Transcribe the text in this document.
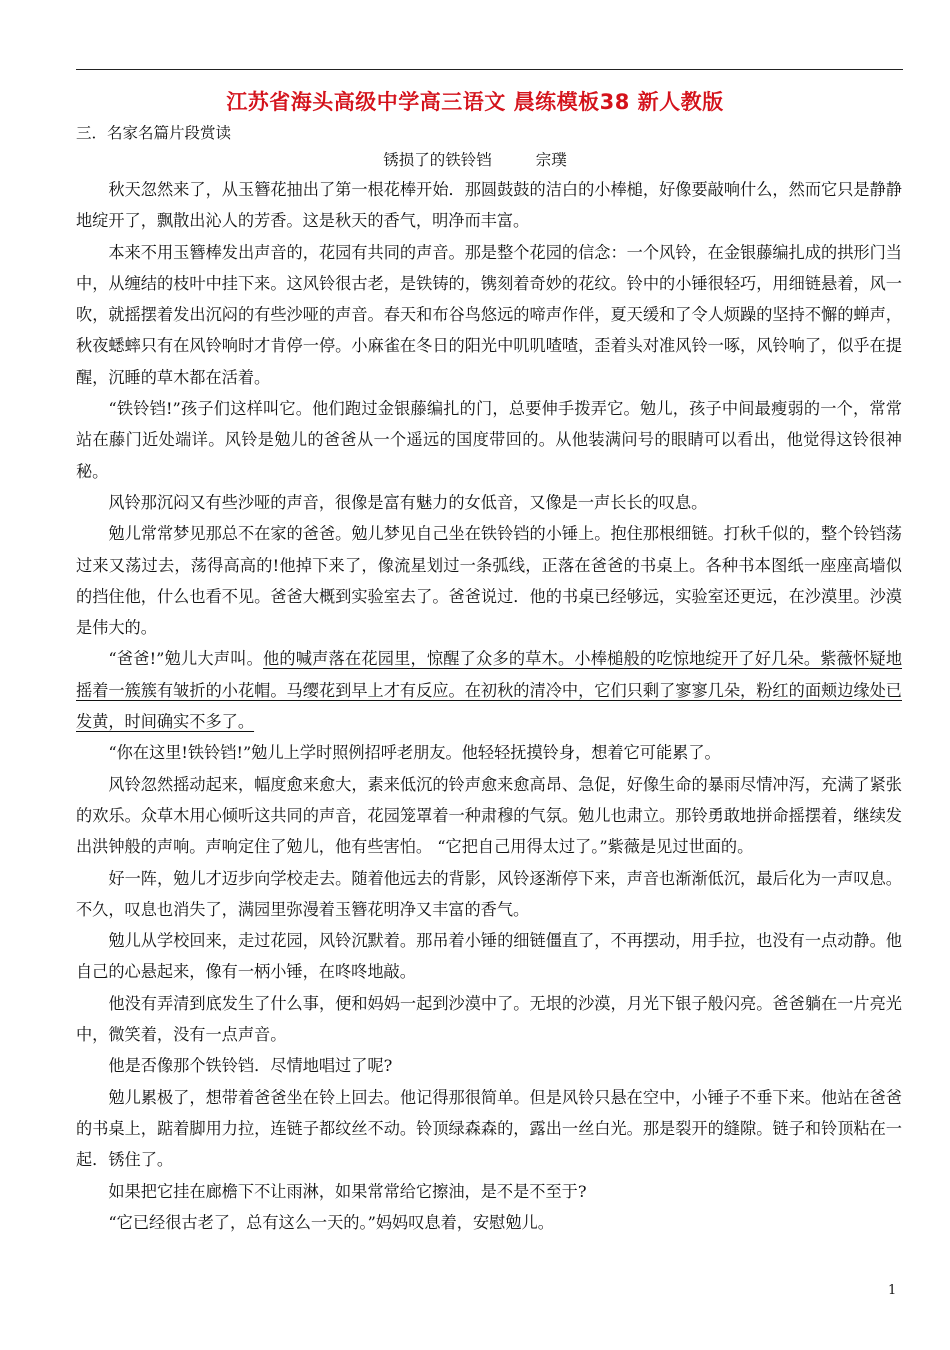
江苏省海头高级中学高三语文 晨练模板38 新人教版
三．名家名篇片段赏读
锈损了的铁铃铛	宗璞

秋天忽然来了，从玉簪花抽出了第一根花棒开始．那圆鼓鼓的洁白的小棒槌，好像要敲响什么，然而它只是静静地绽开了，飘散出沁人的芳香。这是秋天的香气，明净而丰富。

本来不用玉簪棒发出声音的，花园有共同的声音。那是整个花园的信念：一个风铃，在金银藤编扎成的拱形门当中，从缠结的枝叶中挂下来。这风铃很古老，是铁铸的，镌刻着奇妙的花纹。铃中的小锤很轻巧，用细链悬着，风一吹，就摇摆着发出沉闷的有些沙哑的声音。春天和布谷鸟悠远的啼声作伴，夏天缓和了令人烦躁的坚持不懈的蝉声，秋夜蟋蟀只有在风铃响时才肯停一停。小麻雀在冬日的阳光中叽叽喳喳，歪着头对准风铃一啄，风铃响了，似乎在提醒，沉睡的草木都在活着。

“铁铃铛!”孩子们这样叫它。他们跑过金银藤编扎的门，总要伸手拨弄它。勉儿，孩子中间最瘦弱的一个，常常站在藤门近处端详。风铃是勉儿的爸爸从一个遥远的国度带回的。从他装满问号的眼睛可以看出，他觉得这铃很神秘。

风铃那沉闷又有些沙哑的声音，很像是富有魅力的女低音，又像是一声长长的叹息。

勉儿常常梦见那总不在家的爸爸。勉儿梦见自己坐在铁铃铛的小锤上。抱住那根细链。打秋千似的，整个铃铛荡过来又荡过去，荡得高高的!他掉下来了，像流星划过一条弧线，正落在爸爸的书桌上。各种书本图纸一座座高墙似的挡住他，什么也看不见。爸爸大概到实验室去了。爸爸说过．他的书桌已经够远，实验室还更远，在沙漠里。沙漠是伟大的。

“爸爸!”勉儿大声叫。他的喊声落在花园里，惊醒了众多的草木。小棒槌般的吃惊地绽开了好几朵。紫薇怀疑地摇着一簇簇有皱折的小花帽。马缨花到早上才有反应。在初秋的清冷中，它们只剩了寥寥几朵，粉红的面颊边缘处已发黄，时间确实不多了。

“你在这里!铁铃铛!”勉儿上学时照例招呼老朋友。他轻轻抚摸铃身，想着它可能累了。

风铃忽然摇动起来，幅度愈来愈大，素来低沉的铃声愈来愈高昂、急促，好像生命的暴雨尽情冲泻，充满了紧张的欢乐。众草木用心倾听这共同的声音，花园笼罩着一种肃穆的气氛。勉儿也肃立。那铃勇敢地拼命摇摆着，继续发出洪钟般的声响。声响定住了勉儿，他有些害怕。 “它把自己用得太过了。”紫薇是见过世面的。

好一阵，勉儿才迈步向学校走去。随着他远去的背影，风铃逐渐停下来，声音也渐渐低沉，最后化为一声叹息。不久，叹息也消失了，满园里弥漫着玉簪花明净又丰富的香气。

勉儿从学校回来，走过花园，风铃沉默着。那吊着小锤的细链僵直了，不再摆动，用手拉，也没有一点动静。他自己的心悬起来，像有一柄小锤，在咚咚地敲。

他没有弄清到底发生了什么事，便和妈妈一起到沙漠中了。无垠的沙漠，月光下银子般闪亮。爸爸躺在一片亮光中，微笑着，没有一点声音。

他是否像那个铁铃铛．尽情地唱过了呢?

勉儿累极了，想带着爸爸坐在铃上回去。他记得那很简单。但是风铃只悬在空中，小锤子不垂下来。他站在爸爸的书桌上，踮着脚用力拉，连链子都纹丝不动。铃顶绿森森的，露出一丝白光。那是裂开的缝隙。链子和铃顶粘在一起．锈住了。

如果把它挂在廊檐下不让雨淋，如果常常给它擦油，是不是不至于?

“它已经很古老了，总有这么一天的。”妈妈叹息着，安慰勉儿。

1
